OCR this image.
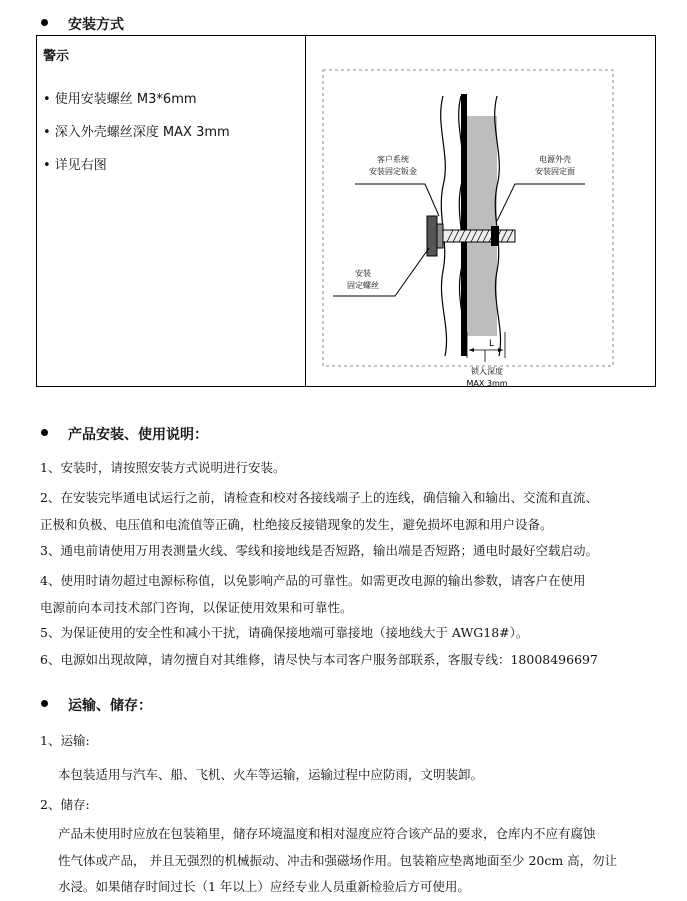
安装方式
警示
• 使用安装螺丝 M3*6mm
• 深入外壳螺丝深度 MAX 3mm
• 详见右图	客户系统
安装固定钣金
电源外壳
安装固定面
安装
固定螺丝
L
锁入深度
MAX 3mm
产品安装、使用说明：
1、安装时，请按照安装方式说明进行安装。
2、在安装完毕通电试运行之前，请检查和校对各接线端子上的连线，确信输入和输出、交流和直流、
正极和负极、电压值和电流值等正确，杜绝接反接错现象的发生，避免损坏电源和用户设备。
3、通电前请使用万用表测量火线、零线和接地线是否短路，输出端是否短路；通电时最好空载启动。
4、使用时请勿超过电源标称值，以免影响产品的可靠性。如需更改电源的输出参数，请客户在使用
电源前向本司技术部门咨询，以保证使用效果和可靠性。
5、为保证使用的安全性和减小干扰，请确保接地端可靠接地（接地线大于 AWG18#）。
6、电源如出现故障，请勿擅自对其维修，请尽快与本司客户服务部联系，客服专线：18008496697
运输、储存：
1、运输:
本包装适用与汽车、船、飞机、火车等运输，运输过程中应防雨，文明装卸。
2、储存:
产品未使用时应放在包装箱里，储存环境温度和相对湿度应符合该产品的要求，仓库内不应有腐蚀
性气体或产品， 并且无强烈的机械振动、冲击和强磁场作用。包装箱应垫离地面至少 20cm 高，勿让
水浸。如果储存时间过长（1 年以上）应经专业人员重新检验后方可使用。
